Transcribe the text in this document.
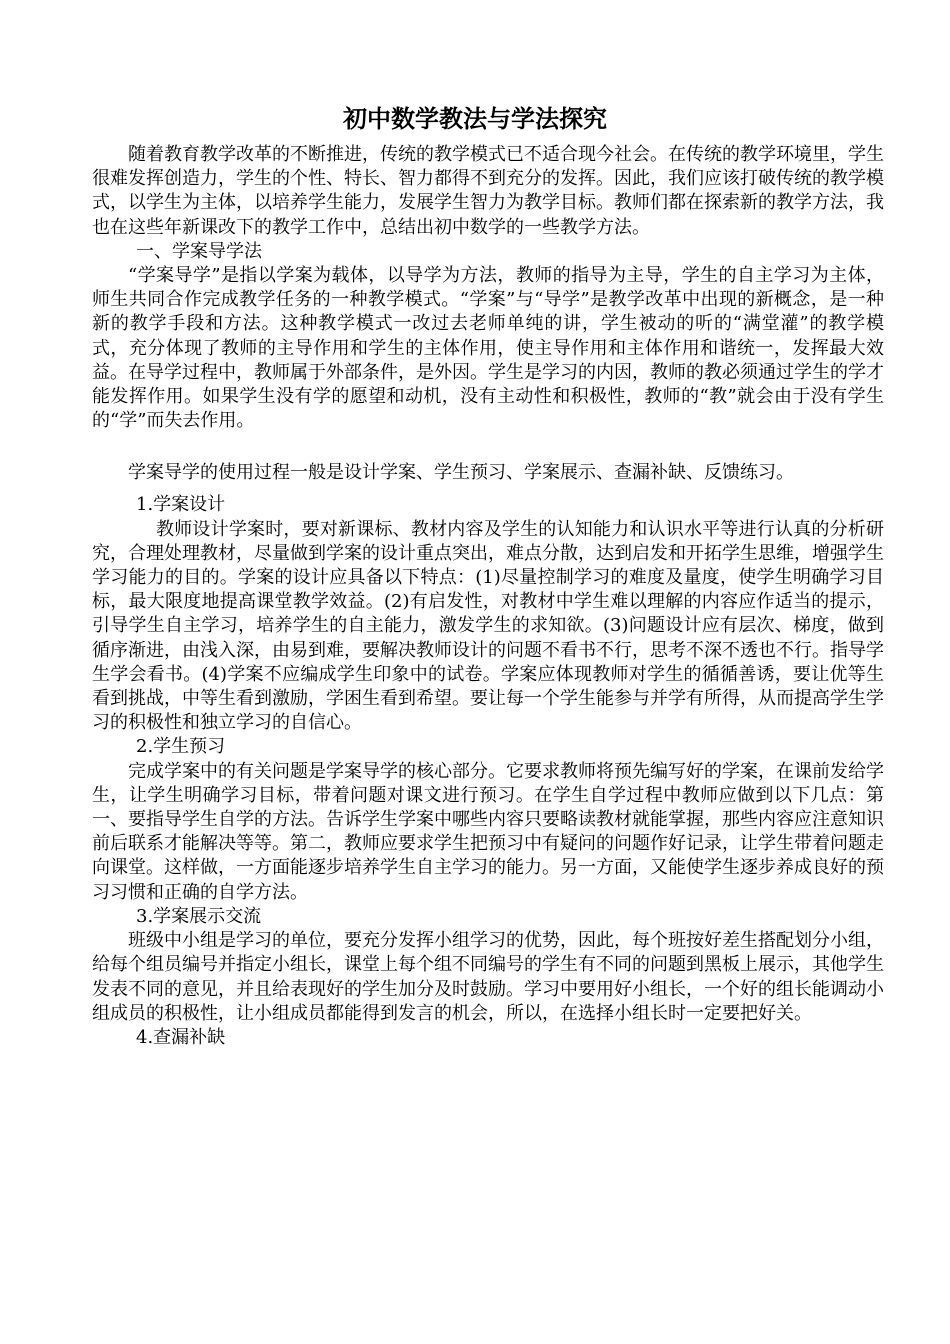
初中数学教法与学法探究

随着教育教学改革的不断推进，传统的教学模式已不适合现今社会。在传统的教学环境里，学生很难发挥创造力，学生的个性、特长、智力都得不到充分的发挥。因此，我们应该打破传统的教学模式，以学生为主体，以培养学生能力，发展学生智力为教学目标。教师们都在探索新的教学方法，我也在这些年新课改下的教学工作中，总结出初中数学的一些教学方法。

一、学案导学法

“学案导学”是指以学案为载体，以导学为方法，教师的指导为主导，学生的自主学习为主体，师生共同合作完成教学任务的一种教学模式。“学案”与“导学”是教学改革中出现的新概念，是一种新的教学手段和方法。这种教学模式一改过去老师单纯的讲，学生被动的听的“满堂灌”的教学模式，充分体现了教师的主导作用和学生的主体作用，使主导作用和主体作用和谐统一，发挥最大效益。在导学过程中，教师属于外部条件，是外因。学生是学习的内因，教师的教必须通过学生的学才能发挥作用。如果学生没有学的愿望和动机，没有主动性和积极性，教师的“教”就会由于没有学生的“学”而失去作用。

学案导学的使用过程一般是设计学案、学生预习、学案展示、查漏补缺、反馈练习。

1.学案设计

教师设计学案时，要对新课标、教材内容及学生的认知能力和认识水平等进行认真的分析研究，合理处理教材，尽量做到学案的设计重点突出，难点分散，达到启发和开拓学生思维，增强学生学习能力的目的。学案的设计应具备以下特点：(1)尽量控制学习的难度及量度，使学生明确学习目标，最大限度地提高课堂教学效益。(2)有启发性，对教材中学生难以理解的内容应作适当的提示，引导学生自主学习，培养学生的自主能力，激发学生的求知欲。(3)问题设计应有层次、梯度，做到循序渐进，由浅入深，由易到难，要解决教师设计的问题不看书不行，思考不深不透也不行。指导学生学会看书。(4)学案不应编成学生印象中的试卷。学案应体现教师对学生的循循善诱，要让优等生看到挑战，中等生看到激励，学困生看到希望。要让每一个学生能参与并学有所得，从而提高学生学习的积极性和独立学习的自信心。

2.学生预习

完成学案中的有关问题是学案导学的核心部分。它要求教师将预先编写好的学案，在课前发给学生，让学生明确学习目标，带着问题对课文进行预习。在学生自学过程中教师应做到以下几点：第一、要指导学生自学的方法。告诉学生学案中哪些内容只要略读教材就能掌握，那些内容应注意知识前后联系才能解决等等。第二，教师应要求学生把预习中有疑问的问题作好记录，让学生带着问题走向课堂。这样做，一方面能逐步培养学生自主学习的能力。另一方面，又能使学生逐步养成良好的预习习惯和正确的自学方法。

3.学案展示交流

班级中小组是学习的单位，要充分发挥小组学习的优势，因此，每个班按好差生搭配划分小组，给每个组员编号并指定小组长，课堂上每个组不同编号的学生有不同的问题到黑板上展示，其他学生发表不同的意见，并且给表现好的学生加分及时鼓励。学习中要用好小组长，一个好的组长能调动小组成员的积极性，让小组成员都能得到发言的机会，所以，在选择小组长时一定要把好关。

4.查漏补缺
